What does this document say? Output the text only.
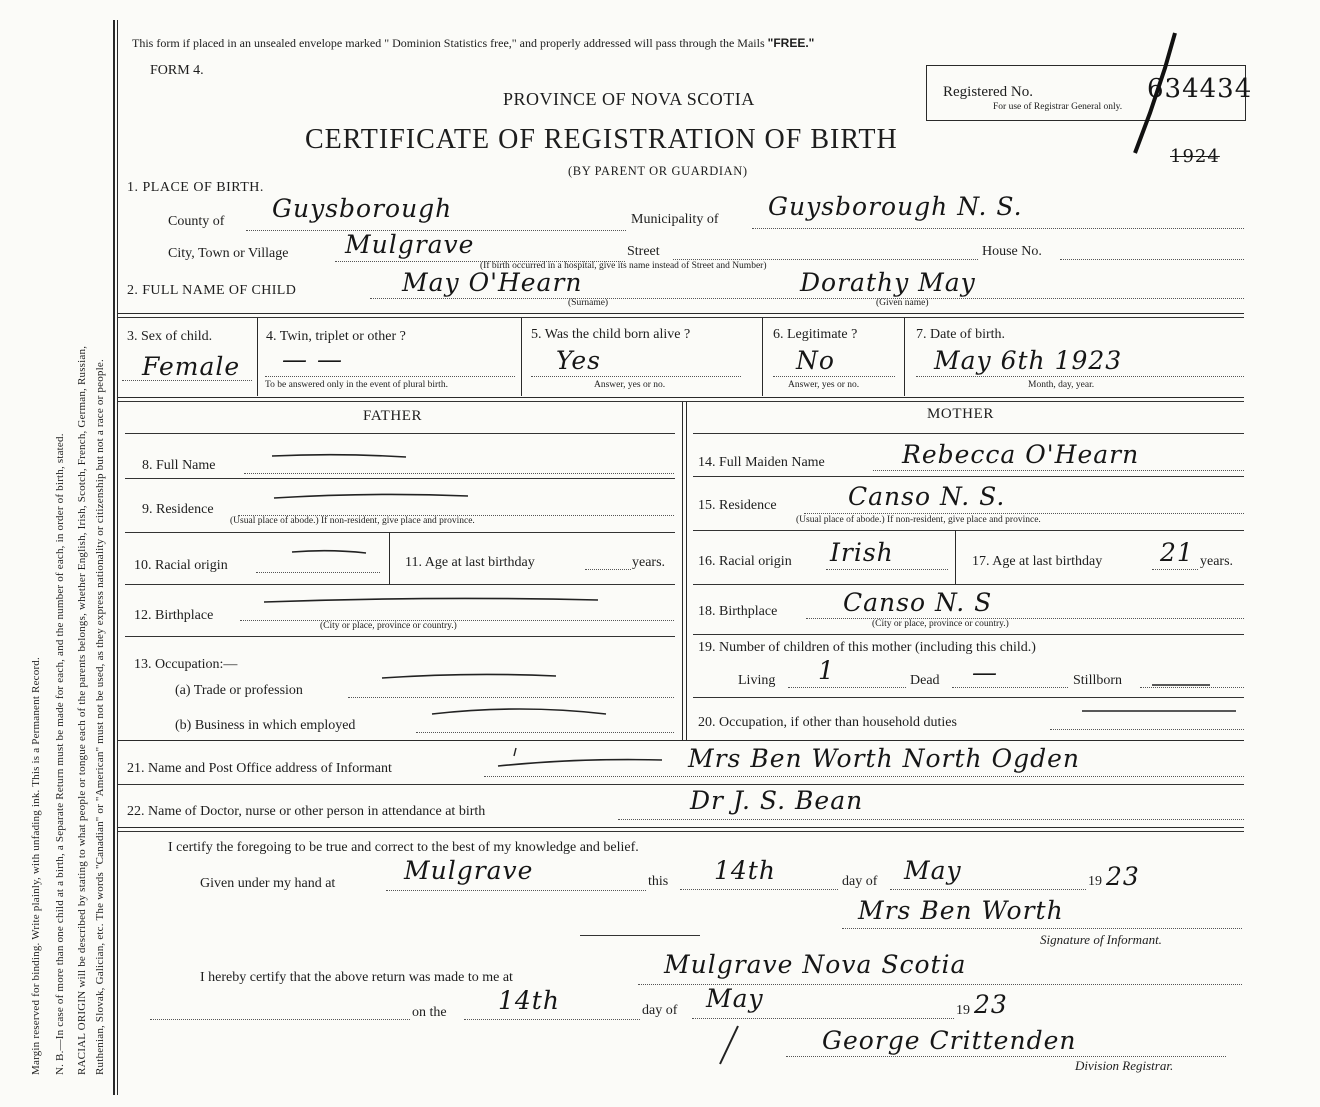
Margin reserved for binding. Write plainly, with unfading ink. This is a Permanent Record. N. B.—In case of more than one child at a birth, a Separate Return must be made for each, and the number of each, in order of birth, stated. RACIAL ORIGIN will be described by stating to what people or tongue each of the parents belongs, whether English, Irish, Scotch, French, German, Russian, Ruthenian, Slovak, Galician, etc. The words "Canadian" or "American" must not be used, as they express nationality or citizenship but not a race or people.
This form if placed in an unsealed envelope marked " Dominion Statistics free," and properly addressed will pass through the Mails "FREE."
FORM 4.
PROVINCE OF NOVA SCOTIA
CERTIFICATE OF REGISTRATION OF BIRTH
(BY PARENT OR GUARDIAN)
Registered No.
For use of Registrar General only.
634434
1924
1. PLACE OF BIRTH.
County of Guysborough	Municipality of Guysborough N. S.
City, Town or Village Mulgrave	Street	House No.
(If birth occurred in a hospital, give its name instead of Street and Number)
2. FULL NAME OF CHILD	May O'Hearn
(Surname)
Dorathy May
(Given name)
3. Sex of child.
Female
4. Twin, triplet or other ?
— —
To be answered only in the event of plural birth.
5. Was the child born alive ?
Yes
Answer, yes or no.
6. Legitimate ?
No
Answer, yes or no.
7. Date of birth.
May 6th 1923
Month, day, year.
FATHER	MOTHER
8. Full Name
9. Residence
(Usual place of abode.) If non-resident, give place and province.
10. Racial origin	11. Age at last birthday	years.
12. Birthplace
(City or place, province or country.)
13. Occupation:—
(a) Trade or profession
(b) Business in which employed
14. Full Maiden Name	Rebecca O'Hearn
15. Residence	Canso N. S.
(Usual place of abode.) If non-resident, give place and province.
16. Racial origin Irish	17. Age at last birthday 21 years.
18. Birthplace	Canso N. S
(City or place, province or country.)
19. Number of children of this mother (including this child.)
Living 1	Dead —	Stillborn
20. Occupation, if other than household duties
21. Name and Post Office address of Informant	Mrs Ben Worth North Ogden
22. Name of Doctor, nurse or other person in attendance at birth	Dr J. S. Bean
I certify the foregoing to be true and correct to the best of my knowledge and belief.
Given under my hand at	Mulgrave	this 14th	day of May	19 23
Mrs Ben Worth
Signature of Informant.
I hereby certify that the above return was made to me at	Mulgrave Nova Scotia
on the 14th	day of May	19 23
George Crittenden
Division Registrar.
